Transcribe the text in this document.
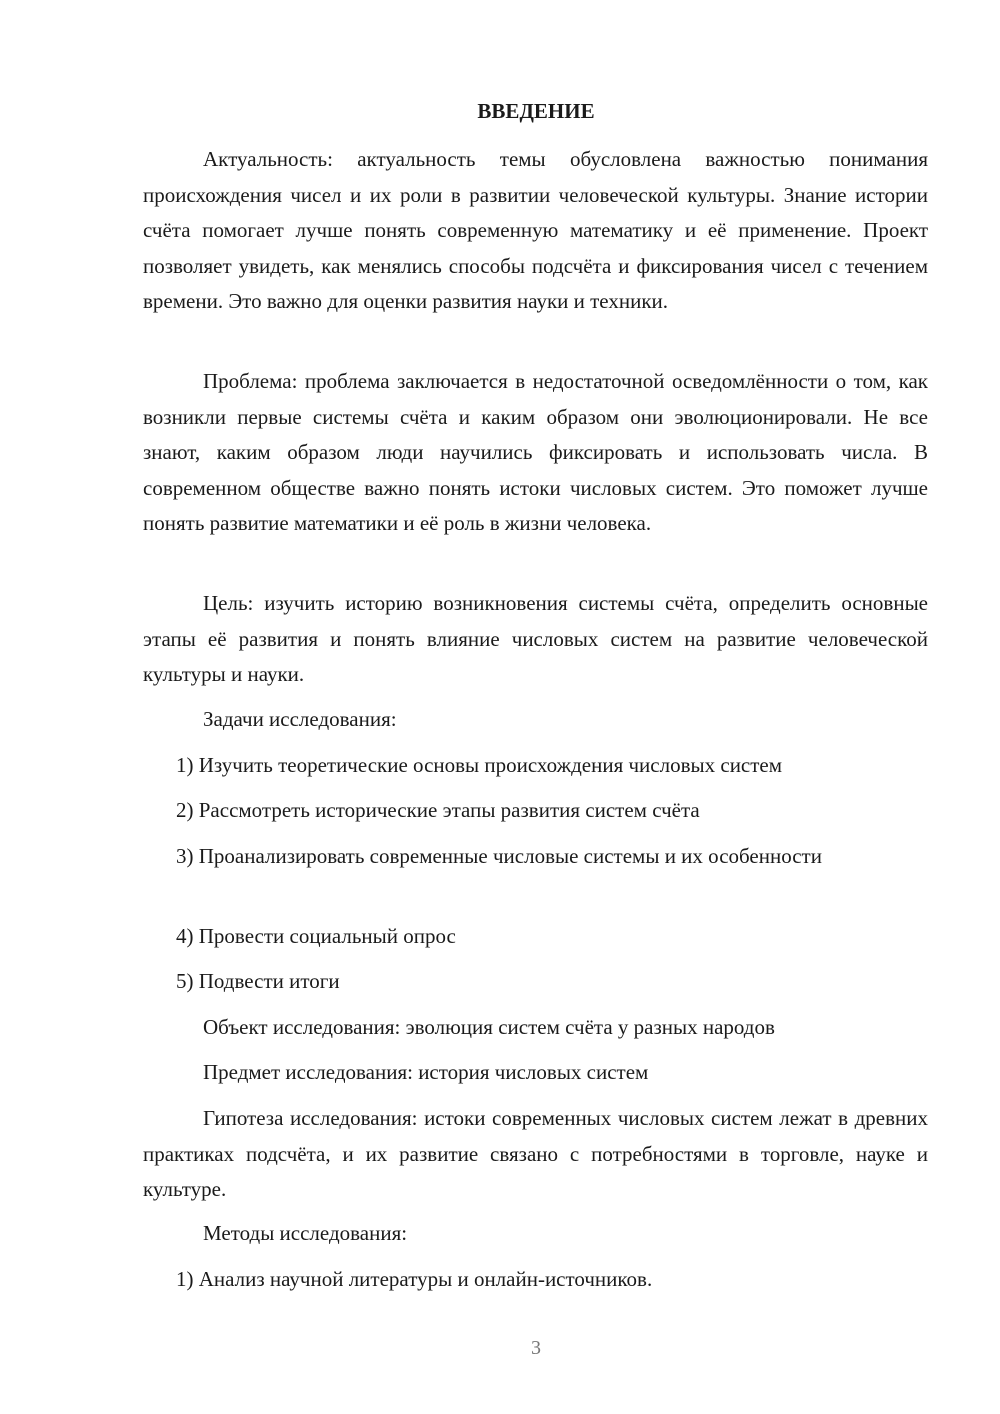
ВВЕДЕНИЕ

Актуальность: актуальность темы обусловлена важностью понимания происхождения чисел и их роли в развитии человеческой культуры. Знание истории счёта помогает лучше понять современную математику и её применение. Проект позволяет увидеть, как менялись способы подсчёта и фиксирования чисел с течением времени. Это важно для оценки развития науки и техники.

Проблема: проблема заключается в недостаточной осведомлённости о том, как возникли первые системы счёта и каким образом они эволюционировали. Не все знают, каким образом люди научились фиксировать и использовать числа. В современном обществе важно понять истоки числовых систем. Это поможет лучше понять развитие математики и её роль в жизни человека.

Цель: изучить историю возникновения системы счёта, определить основные этапы её развития и понять влияние числовых систем на развитие человеческой культуры и науки.

Задачи исследования:

1) Изучить теоретические основы происхождения числовых систем

2) Рассмотреть исторические этапы развития систем счёта

3) Проанализировать современные числовые системы и их особенности

4) Провести социальный опрос

5) Подвести итоги

Объект исследования: эволюция систем счёта у разных народов

Предмет исследования: история числовых систем

Гипотеза исследования: истоки современных числовых систем лежат в древних практиках подсчёта, и их развитие связано с потребностями в торговле, науке и культуре.

Методы исследования:

1) Анализ научной литературы и онлайн-источников.

3
